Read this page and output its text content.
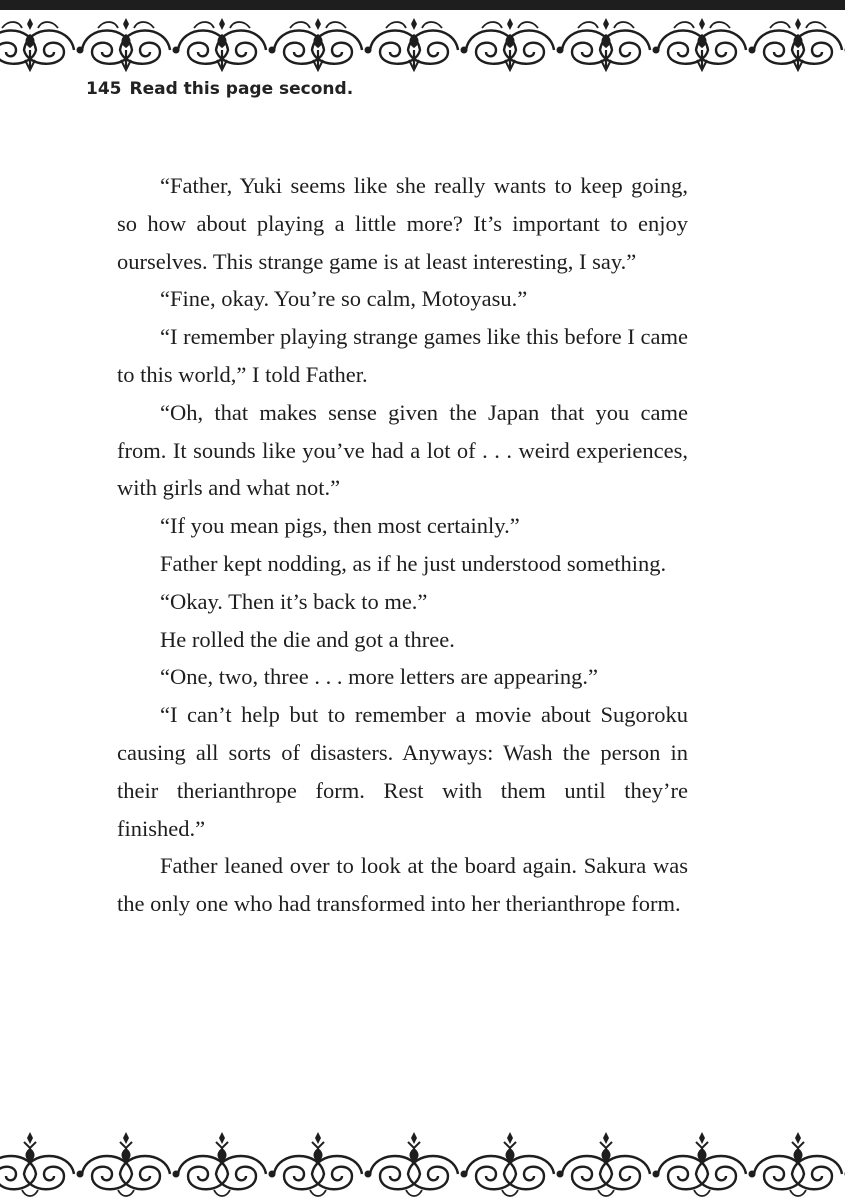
145 Read this page second.

“Father, Yuki seems like she really wants to keep going, so how about playing a little more? It’s important to enjoy ourselves. This strange game is at least interesting, I say.”

“Fine, okay. You’re so calm, Motoyasu.”

“I remember playing strange games like this before I came to this world,” I told Father.

“Oh, that makes sense given the Japan that you came from. It sounds like you’ve had a lot of . . . weird experiences, with girls and what not.”

“If you mean pigs, then most certainly.”

Father kept nodding, as if he just understood something.

“Okay. Then it’s back to me.”

He rolled the die and got a three.

“One, two, three . . . more letters are appearing.”

“I can’t help but to remember a movie about Sugoroku causing all sorts of disasters. Anyways: Wash the person in their therianthrope form. Rest with them until they’re finished.”

Father leaned over to look at the board again. Sakura was the only one who had transformed into her therianthrope form.
